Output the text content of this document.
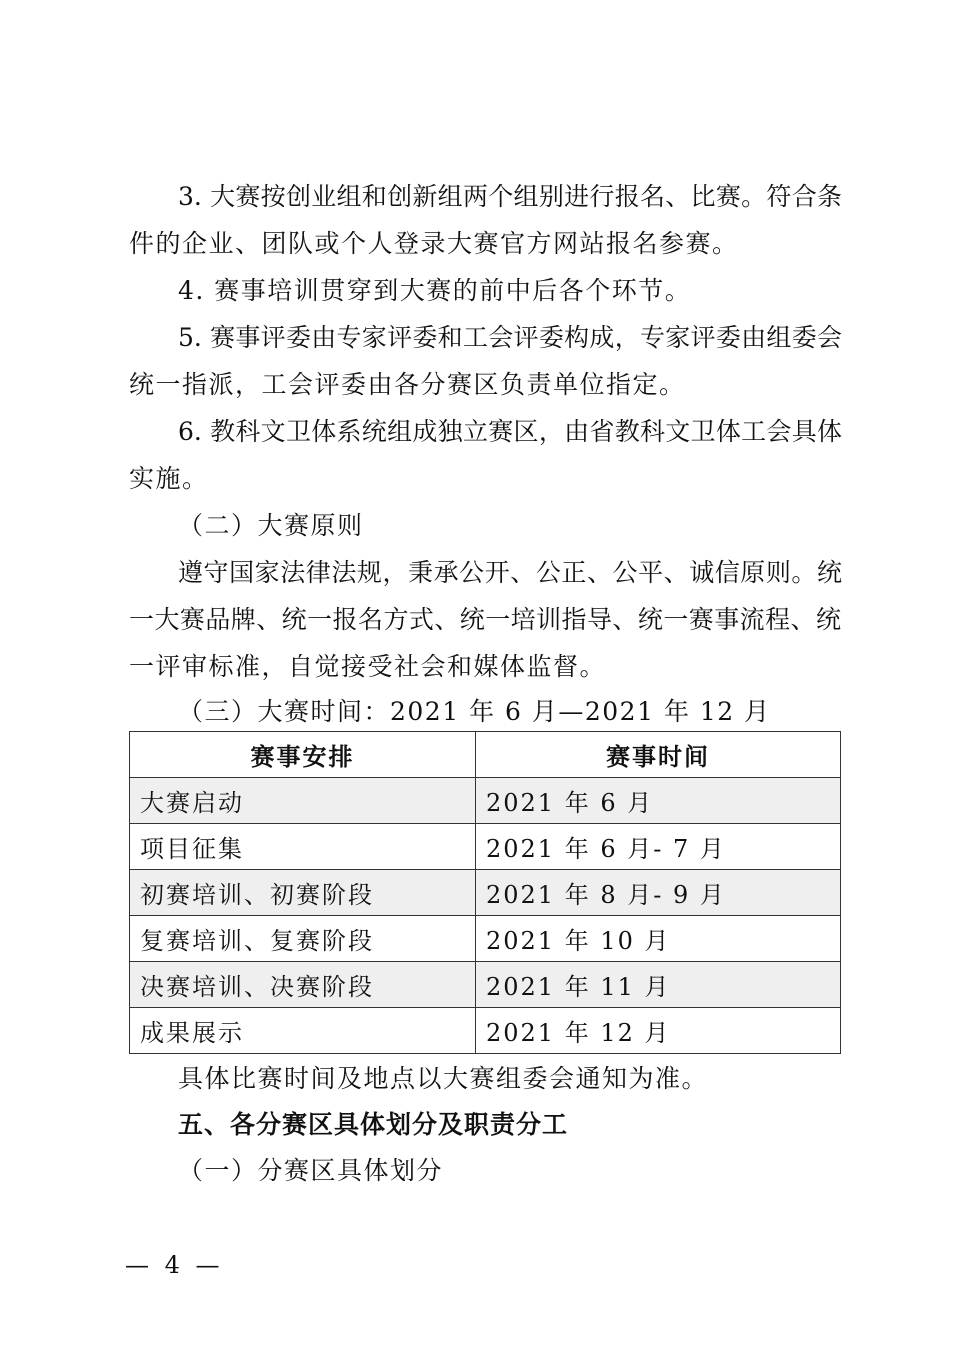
3. 大赛按创业组和创新组两个组别进行报名、比赛。符合条
件的企业、团队或个人登录大赛官方网站报名参赛。
4. 赛事培训贯穿到大赛的前中后各个环节。
5. 赛事评委由专家评委和工会评委构成，专家评委由组委会
统一指派，工会评委由各分赛区负责单位指定。
6. 教科文卫体系统组成独立赛区，由省教科文卫体工会具体
实施。
（二）大赛原则
遵守国家法律法规，秉承公开、公正、公平、诚信原则。统
一大赛品牌、统一报名方式、统一培训指导、统一赛事流程、统
一评审标准，自觉接受社会和媒体监督。
（三）大赛时间：2021 年 6 月—2021 年 12 月
赛事安排	赛事时间
大赛启动	2021 年 6 月
项目征集	2021 年 6 月- 7 月
初赛培训、初赛阶段	2021 年 8 月- 9 月
复赛培训、复赛阶段	2021 年 10 月
决赛培训、决赛阶段	2021 年 11 月
成果展示	2021 年 12 月
具体比赛时间及地点以大赛组委会通知为准。
五、各分赛区具体划分及职责分工
（一）分赛区具体划分
— 4 —
